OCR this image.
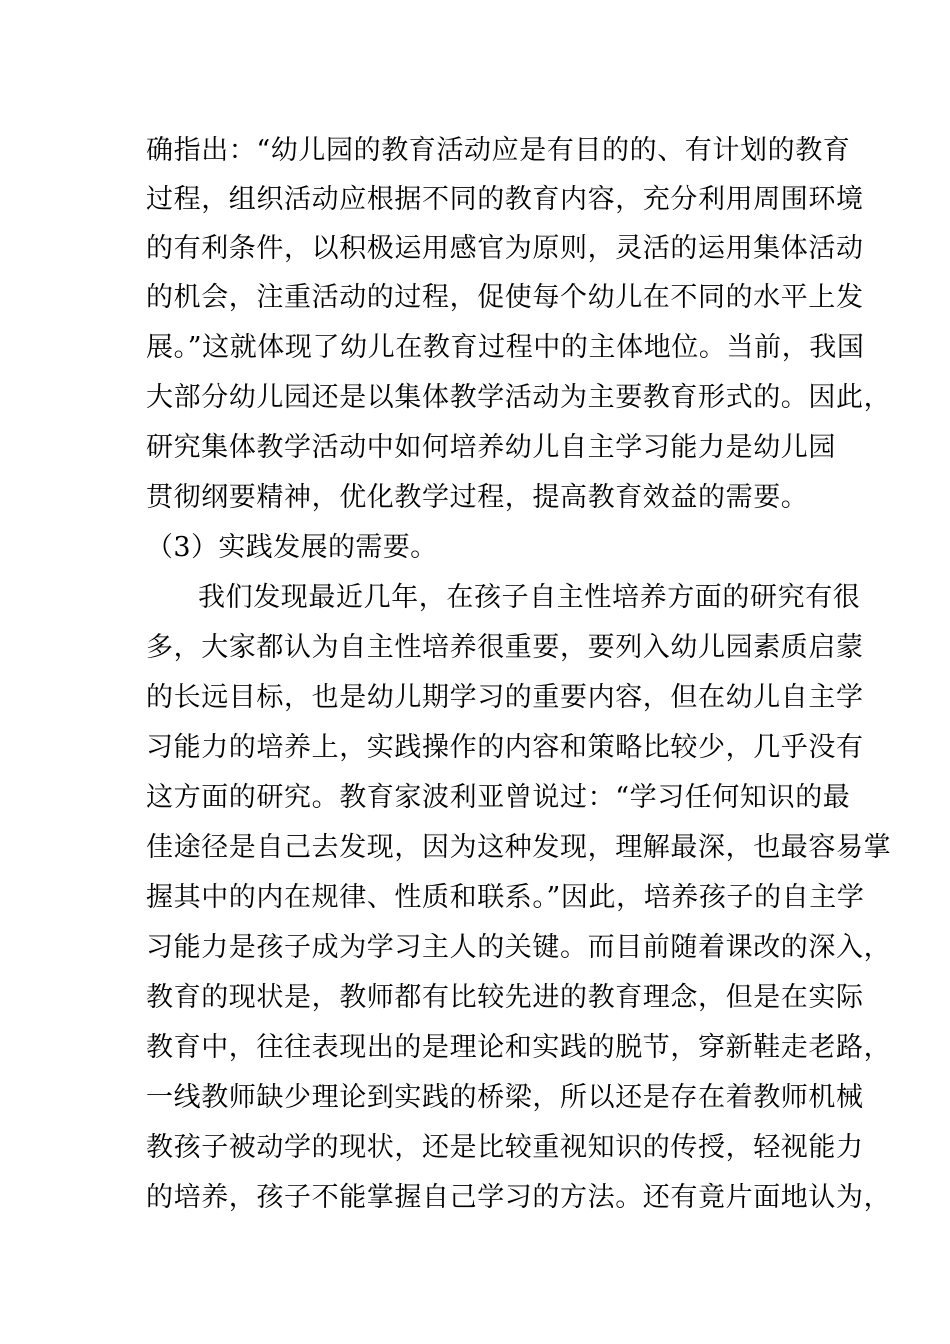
确指出：“幼儿园的教育活动应是有目的的、有计划的教育
过程，组织活动应根据不同的教育内容，充分利用周围环境
的有利条件，以积极运用感官为原则，灵活的运用集体活动
的机会，注重活动的过程，促使每个幼儿在不同的水平上发
展。”这就体现了幼儿在教育过程中的主体地位。当前，我国
大部分幼儿园还是以集体教学活动为主要教育形式的。因此，
研究集体教学活动中如何培养幼儿自主学习能力是幼儿园
贯彻纲要精神，优化教学过程，提高教育效益的需要。
（3）实践发展的需要。
我们发现最近几年，在孩子自主性培养方面的研究有很
多，大家都认为自主性培养很重要，要列入幼儿园素质启蒙
的长远目标，也是幼儿期学习的重要内容，但在幼儿自主学
习能力的培养上，实践操作的内容和策略比较少，几乎没有
这方面的研究。教育家波利亚曾说过：“学习任何知识的最
佳途径是自己去发现，因为这种发现，理解最深，也最容易掌
握其中的内在规律、性质和联系。”因此，培养孩子的自主学
习能力是孩子成为学习主人的关键。而目前随着课改的深入，
教育的现状是，教师都有比较先进的教育理念，但是在实际
教育中，往往表现出的是理论和实践的脱节，穿新鞋走老路，
一线教师缺少理论到实践的桥梁，所以还是存在着教师机械
教孩子被动学的现状，还是比较重视知识的传授，轻视能力
的培养，孩子不能掌握自己学习的方法。还有竟片面地认为，
